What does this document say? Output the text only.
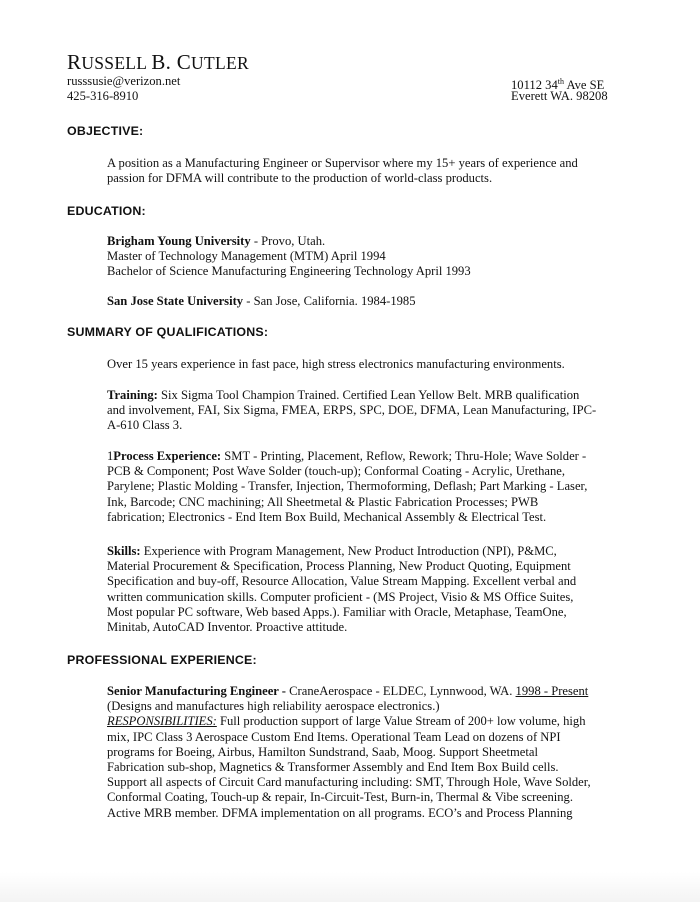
RUSSELL B. CUTLER
russsusie@verizon.net
425-316-8910
10112 34th Ave SE
Everett WA. 98208
OBJECTIVE:
A position as a Manufacturing Engineer or Supervisor where my 15+ years of experience and
passion for DFMA will contribute to the production of world-class products.
EDUCATION:
Brigham Young University - Provo, Utah.
Master of Technology Management (MTM) April 1994
Bachelor of Science Manufacturing Engineering Technology April 1993
San Jose State University - San Jose, California. 1984-1985
SUMMARY OF QUALIFICATIONS:
Over 15 years experience in fast pace, high stress electronics manufacturing environments.
Training: Six Sigma Tool Champion Trained. Certified Lean Yellow Belt. MRB qualification
and involvement, FAI, Six Sigma, FMEA, ERPS, SPC, DOE, DFMA, Lean Manufacturing, IPC-
A-610 Class 3.
1Process Experience: SMT - Printing, Placement, Reflow, Rework; Thru-Hole; Wave Solder -
PCB & Component; Post Wave Solder (touch-up); Conformal Coating - Acrylic, Urethane,
Parylene; Plastic Molding - Transfer, Injection, Thermoforming, Deflash; Part Marking - Laser,
Ink, Barcode; CNC machining; All Sheetmetal & Plastic Fabrication Processes; PWB
fabrication; Electronics - End Item Box Build, Mechanical Assembly & Electrical Test.
Skills: Experience with Program Management, New Product Introduction (NPI), P&MC,
Material Procurement & Specification, Process Planning, New Product Quoting, Equipment
Specification and buy-off, Resource Allocation, Value Stream Mapping. Excellent verbal and
written communication skills. Computer proficient - (MS Project, Visio & MS Office Suites,
Most popular PC software, Web based Apps.). Familiar with Oracle, Metaphase, TeamOne,
Minitab, AutoCAD Inventor. Proactive attitude.
PROFESSIONAL EXPERIENCE:
Senior Manufacturing Engineer - CraneAerospace - ELDEC, Lynnwood, WA. 1998 - Present
(Designs and manufactures high reliability aerospace electronics.)
RESPONSIBILITIES: Full production support of large Value Stream of 200+ low volume, high
mix, IPC Class 3 Aerospace Custom End Items. Operational Team Lead on dozens of NPI
programs for Boeing, Airbus, Hamilton Sundstrand, Saab, Moog. Support Sheetmetal
Fabrication sub-shop, Magnetics & Transformer Assembly and End Item Box Build cells.
Support all aspects of Circuit Card manufacturing including: SMT, Through Hole, Wave Solder,
Conformal Coating, Touch-up & repair, In-Circuit-Test, Burn-in, Thermal & Vibe screening.
Active MRB member. DFMA implementation on all programs. ECO’s and Process Planning
